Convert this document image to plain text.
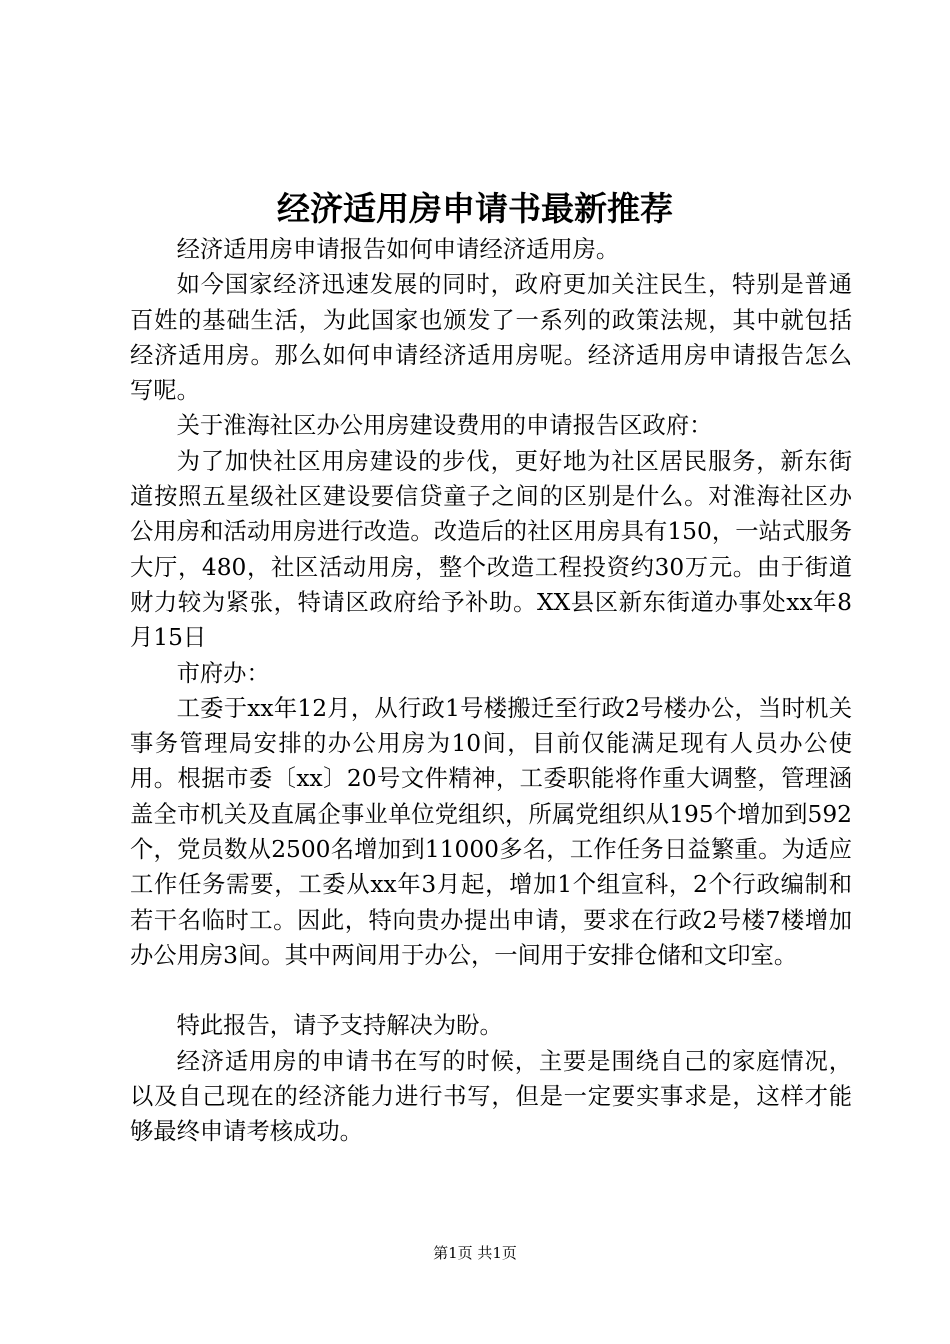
经济适用房申请书最新推荐

经济适用房申请报告如何申请经济适用房。

如今国家经济迅速发展的同时，政府更加关注民生，特别是普通百姓的基础生活，为此国家也颁发了一系列的政策法规，其中就包括经济适用房。那么如何申请经济适用房呢。经济适用房申请报告怎么写呢。

关于淮海社区办公用房建设费用的申请报告区政府：

为了加快社区用房建设的步伐，更好地为社区居民服务，新东街道按照五星级社区建设要信贷童子之间的区别是什么。对淮海社区办公用房和活动用房进行改造。改造后的社区用房具有150，一站式服务大厅，480，社区活动用房，整个改造工程投资约30万元。由于街道财力较为紧张，特请区政府给予补助。XX县区新东街道办事处xx年8月15日

市府办：

工委于xx年12月，从行政1号楼搬迁至行政2号楼办公，当时机关事务管理局安排的办公用房为10间，目前仅能满足现有人员办公使用。根据市委〔xx〕20号文件精神，工委职能将作重大调整，管理涵盖全市机关及直属企事业单位党组织，所属党组织从195个增加到592个，党员数从2500名增加到11000多名，工作任务日益繁重。为适应工作任务需要，工委从xx年3月起，增加1个组宣科，2个行政编制和若干名临时工。因此，特向贵办提出申请，要求在行政2号楼7楼增加办公用房3间。其中两间用于办公，一间用于安排仓储和文印室。

特此报告，请予支持解决为盼。

经济适用房的申请书在写的时候，主要是围绕自己的家庭情况，以及自己现在的经济能力进行书写，但是一定要实事求是，这样才能够最终申请考核成功。

第1页 共1页
